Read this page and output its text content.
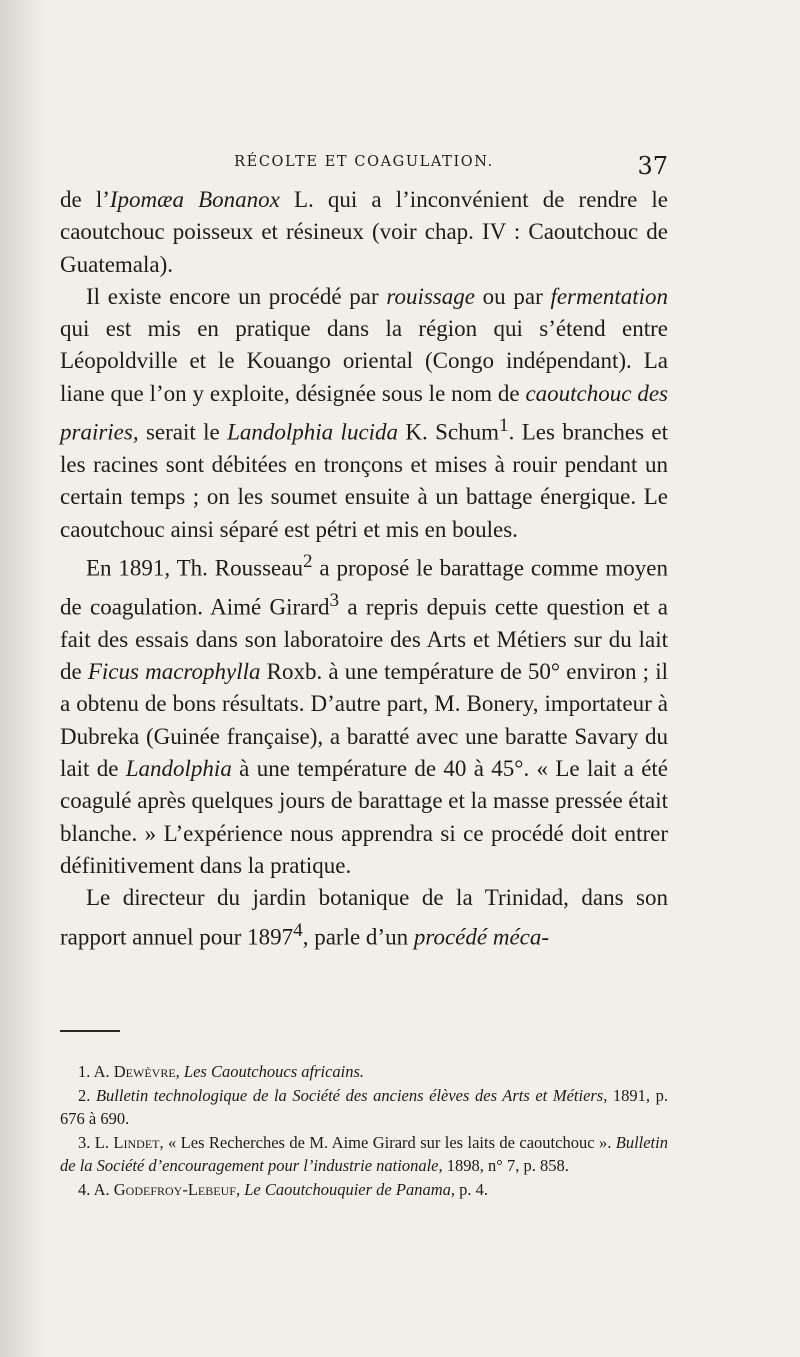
RÉCOLTE ET COAGULATION.	37

de l’Ipomæa Bonanox L. qui a l’inconvénient de rendre le caoutchouc poisseux et résineux (voir chap. IV : Caoutchouc de Guatemala).

Il existe encore un procédé par rouissage ou par fermentation qui est mis en pratique dans la région qui s’étend entre Léopoldville et le Kouango oriental (Congo indépendant). La liane que l’on y exploite, désignée sous le nom de caoutchouc des prairies, serait le Landolphia lucida K. Schum$^1$. Les branches et les racines sont débitées en tronçons et mises à rouir pendant un certain temps ; on les soumet ensuite à un battage énergique. Le caoutchouc ainsi séparé est pétri et mis en boules.

En 1891, Th. Rousseau$^2$ a proposé le barattage comme moyen de coagulation. Aimé Girard$^3$ a repris depuis cette question et a fait des essais dans son laboratoire des Arts et Métiers sur du lait de Ficus macrophylla Roxb. à une température de 50° environ ; il a obtenu de bons résultats. D’autre part, M. Bonery, importateur à Dubreka (Guinée française), a baratté avec une baratte Savary du lait de Landolphia à une température de 40 à 45°. « Le lait a été coagulé après quelques jours de barattage et la masse pressée était blanche. » L’expérience nous apprendra si ce procédé doit entrer définitivement dans la pratique.

Le directeur du jardin botanique de la Trinidad, dans son rapport annuel pour 1897$^4$, parle d’un procédé méca-

1. A. Dewèvre, Les Caoutchoucs africains.

2. Bulletin technologique de la Société des anciens élèves des Arts et Métiers, 1891, p. 676 à 690.

3. L. Lindet, « Les Recherches de M. Aime Girard sur les laits de caoutchouc ». Bulletin de la Société d’encouragement pour l’industrie nationale, 1898, n° 7, p. 858.

4. A. Godefroy-Lebeuf, Le Caoutchouquier de Panama, p. 4.
